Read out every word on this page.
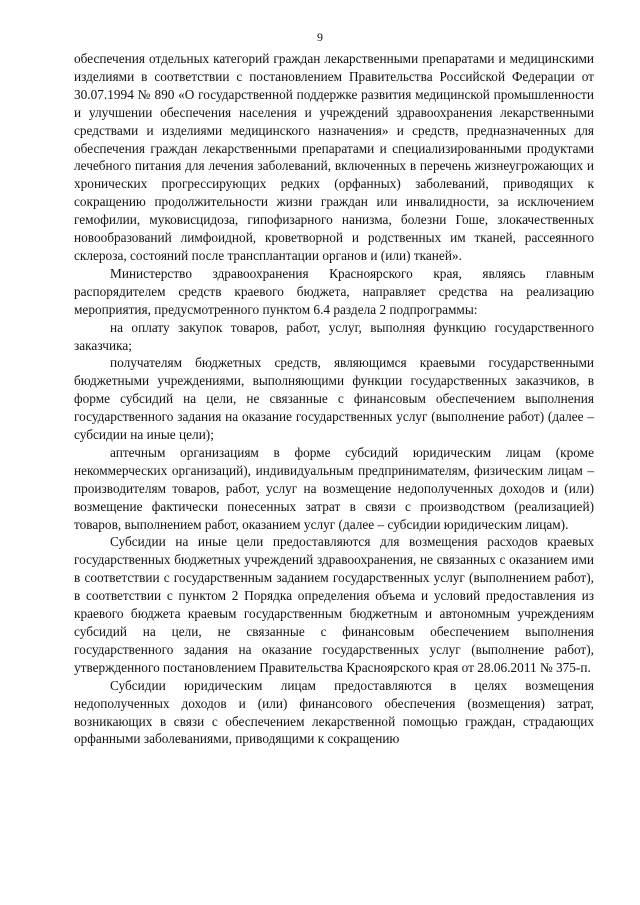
9

обеспечения отдельных категорий граждан лекарственными препаратами и медицинскими изделиями в соответствии с постановлением Правительства Российской Федерации от 30.07.1994 № 890 «О государственной поддержке развития медицинской промышленности и улучшении обеспечения населения и учреждений здравоохранения лекарственными средствами и изделиями медицинского назначения» и средств, предназначенных для обеспечения граждан лекарственными препаратами и специализированными продуктами лечебного питания для лечения заболеваний, включенных в перечень жизнеугрожающих и хронических прогрессирующих редких (орфанных) заболеваний, приводящих к сокращению продолжительности жизни граждан или инвалидности, за исключением гемофилии, муковисцидоза, гипофизарного нанизма, болезни Гоше, злокачественных новообразований лимфоидной, кроветворной и родственных им тканей, рассеянного склероза, состояний после трансплантации органов и (или) тканей».

Министерство здравоохранения Красноярского края, являясь главным распорядителем средств краевого бюджета, направляет средства на реализацию мероприятия, предусмотренного пунктом 6.4 раздела 2 подпрограммы:

на оплату закупок товаров, работ, услуг, выполняя функцию государственного заказчика;

получателям бюджетных средств, являющимся краевыми государственными бюджетными учреждениями, выполняющими функции государственных заказчиков, в форме субсидий на цели, не связанные с финансовым обеспечением выполнения государственного задания на оказание государственных услуг (выполнение работ) (далее – субсидии на иные цели);

аптечным организациям в форме субсидий юридическим лицам (кроме некоммерческих организаций), индивидуальным предпринимателям, физическим лицам – производителям товаров, работ, услуг на возмещение недополученных доходов и (или) возмещение фактически понесенных затрат в связи с производством (реализацией) товаров, выполнением работ, оказанием услуг (далее – субсидии юридическим лицам).

Субсидии на иные цели предоставляются для возмещения расходов краевых государственных бюджетных учреждений здравоохранения, не связанных с оказанием ими в соответствии с государственным заданием государственных услуг (выполнением работ), в соответствии с пунктом 2 Порядка определения объема и условий предоставления из краевого бюджета краевым государственным бюджетным и автономным учреждениям субсидий на цели, не связанные с финансовым обеспечением выполнения государственного задания на оказание государственных услуг (выполнение работ), утвержденного постановлением Правительства Красноярского края от 28.06.2011 № 375-п.

Субсидии юридическим лицам предоставляются в целях возмещения недополученных доходов и (или) финансового обеспечения (возмещения) затрат, возникающих в связи с обеспечением лекарственной помощью граждан, страдающих орфанными заболеваниями, приводящими к сокращению
